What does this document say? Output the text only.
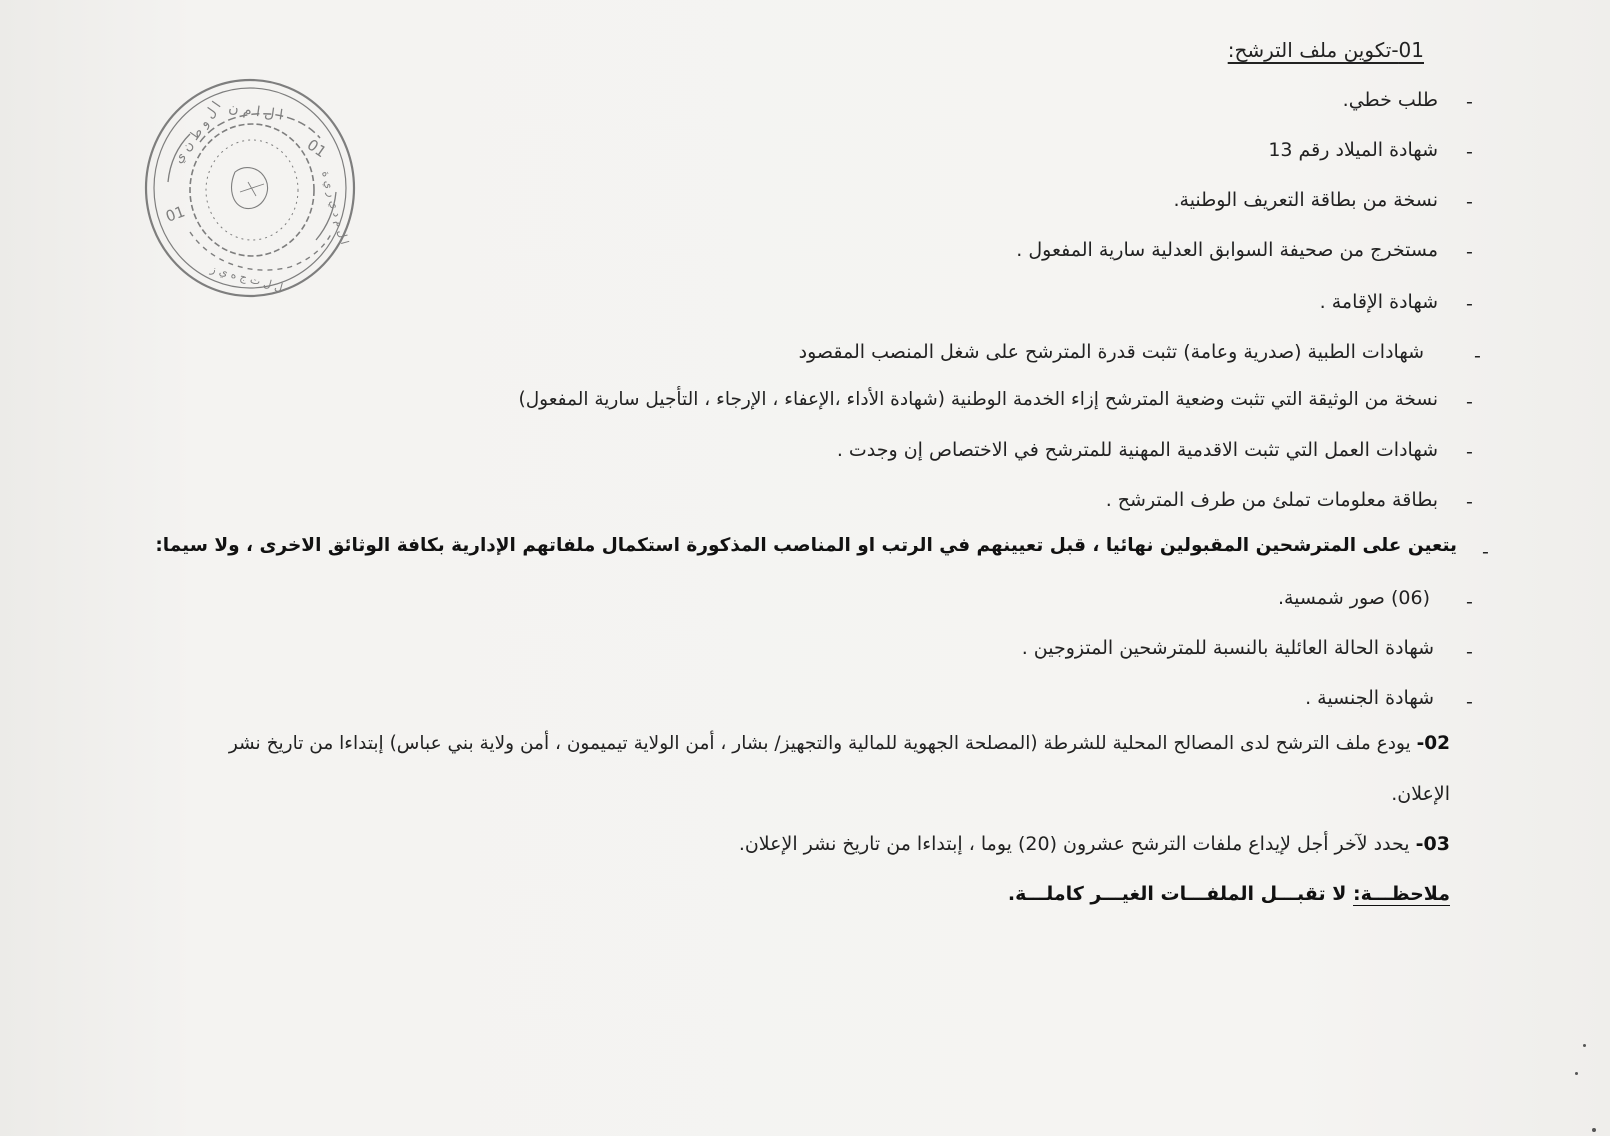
01
01
ا ل ا م ن
ا ل و ط ن ي
ا ل م د ي ر ي ة
ل ل ت ج ه ي ز
01-تكوين ملف الترشح:
-
طلب خطي.
-
شهادة الميلاد رقم 13
-
نسخة من بطاقة التعريف الوطنية.
-
مستخرج من صحيفة السوابق العدلية سارية المفعول .
-
شهادة الإقامة .
-
شهادات الطبية (صدرية وعامة) تثبت قدرة المترشح على شغل المنصب المقصود
-
نسخة من الوثيقة التي تثبت وضعية المترشح إزاء الخدمة الوطنية (شهادة الأداء ،الإعفاء ، الإرجاء ، التأجيل سارية المفعول)
-
شهادات العمل التي تثبت الاقدمية المهنية للمترشح في الاختصاص إن وجدت .
-
بطاقة معلومات تملئ من طرف المترشح .
-
يتعين على المترشحين المقبولين نهائيا ، قبل تعيينهم في الرتب او المناصب المذكورة استكمال ملفاتهم الإدارية بكافة الوثائق الاخرى ، ولا سيما:
-
(06) صور شمسية.
-
شهادة الحالة العائلية بالنسبة للمترشحين المتزوجين .
-
شهادة الجنسية .
02- يودع ملف الترشح لدى المصالح المحلية للشرطة (المصلحة الجهوية للمالية والتجهيز/ بشار ، أمن الولاية تيميمون ، أمن ولاية بني عباس) إبتداءا من تاريخ نشر
الإعلان.
03- يحدد لآخر أجل لإيداع ملفات الترشح عشرون (20) يوما ، إبتداءا من تاريخ نشر الإعلان.
ملاحظـــة: لا تقبـــل الملفـــات الغيـــر كاملـــة.
